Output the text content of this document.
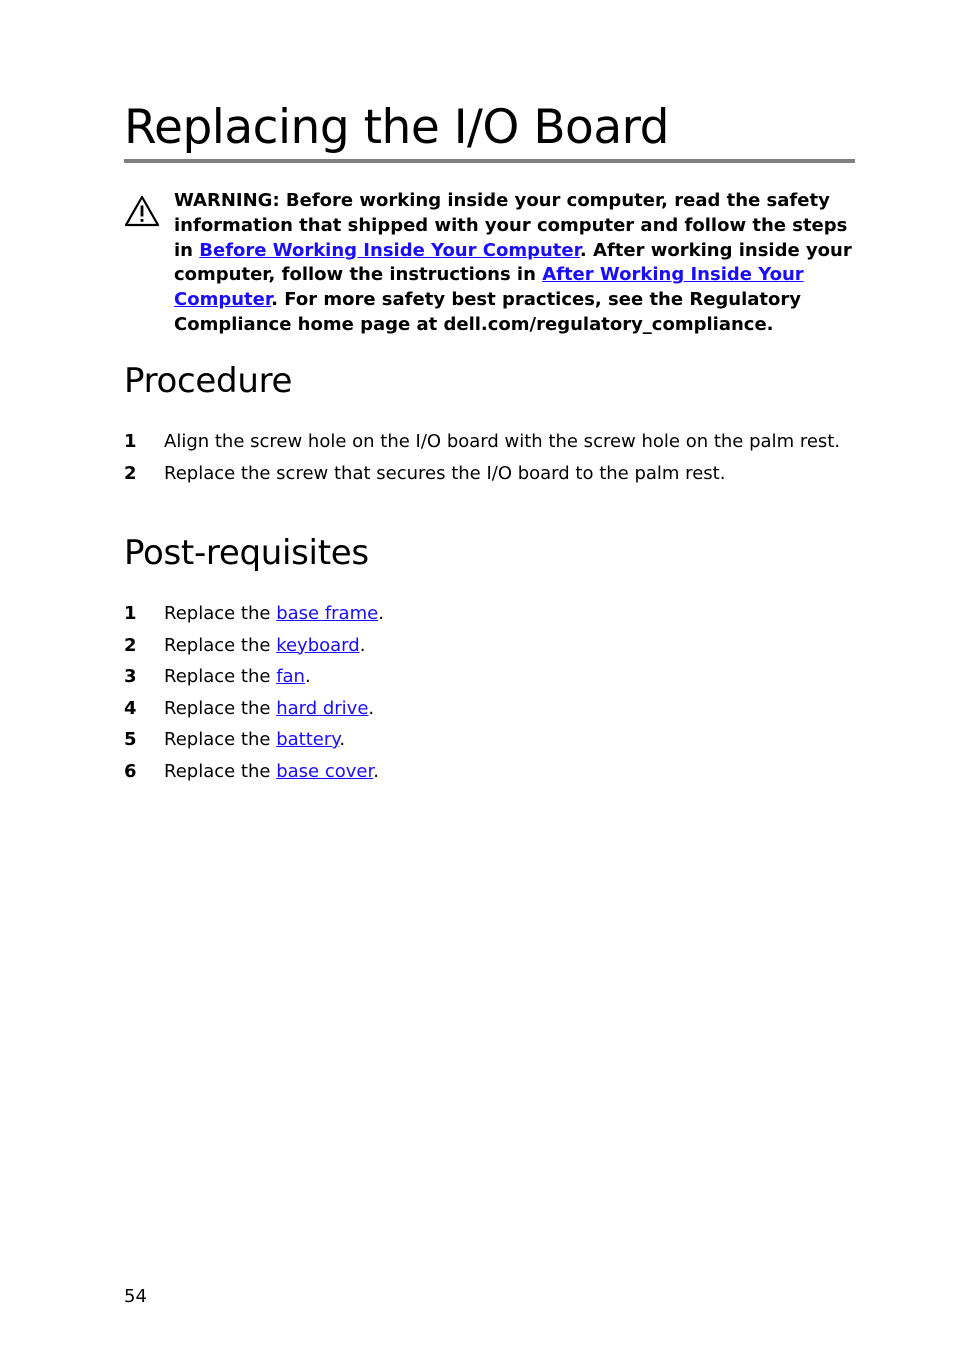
Replacing the I/O Board
WARNING: Before working inside your computer, read the safety information that shipped with your computer and follow the steps in Before Working Inside Your Computer. After working inside your computer, follow the instructions in After Working Inside Your Computer. For more safety best practices, see the Regulatory Compliance home page at dell.com/regulatory_compliance.
Procedure
1 Align the screw hole on the I/O board with the screw hole on the palm rest.
2 Replace the screw that secures the I/O board to the palm rest.
Post-requisites
1 Replace the base frame.
2 Replace the keyboard.
3 Replace the fan.
4 Replace the hard drive.
5 Replace the battery.
6 Replace the base cover.
54
